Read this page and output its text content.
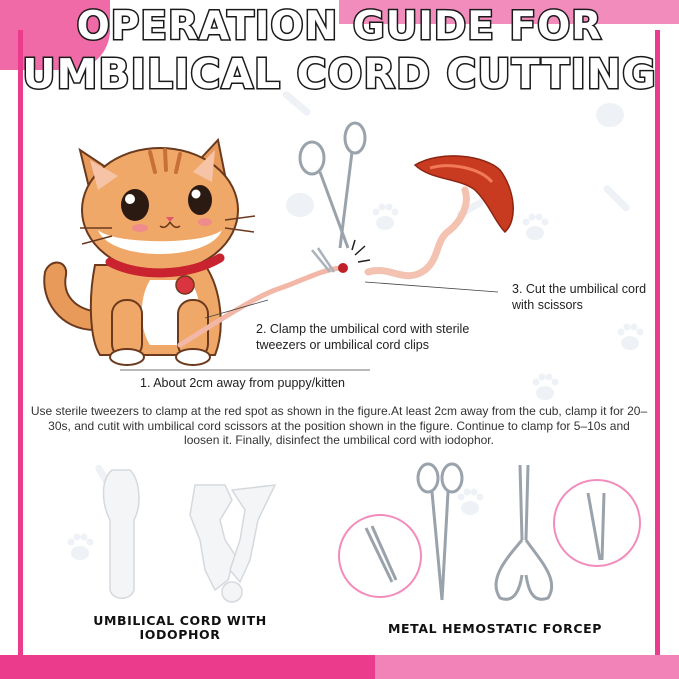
OPERATION GUIDE FOR
UMBILICAL CORD CUTTING
3. Cut the umbilical cord with scissors
2. Clamp the umbilical cord with sterile tweezers or umbilical cord clips
1. About 2cm away from puppy/kitten
Use sterile tweezers to clamp at the red spot as shown in the figure.At least 2cm away from the cub, clamp it for 20–30s, and cutit with umbilical cord scissors at the position shown in the figure. Continue to clamp for 5–10s and loosen it. Finally, disinfect the umbilical cord with iodophor.
UMBILICAL CORD WITH IODOPHOR	METAL HEMOSTATIC FORCEP
